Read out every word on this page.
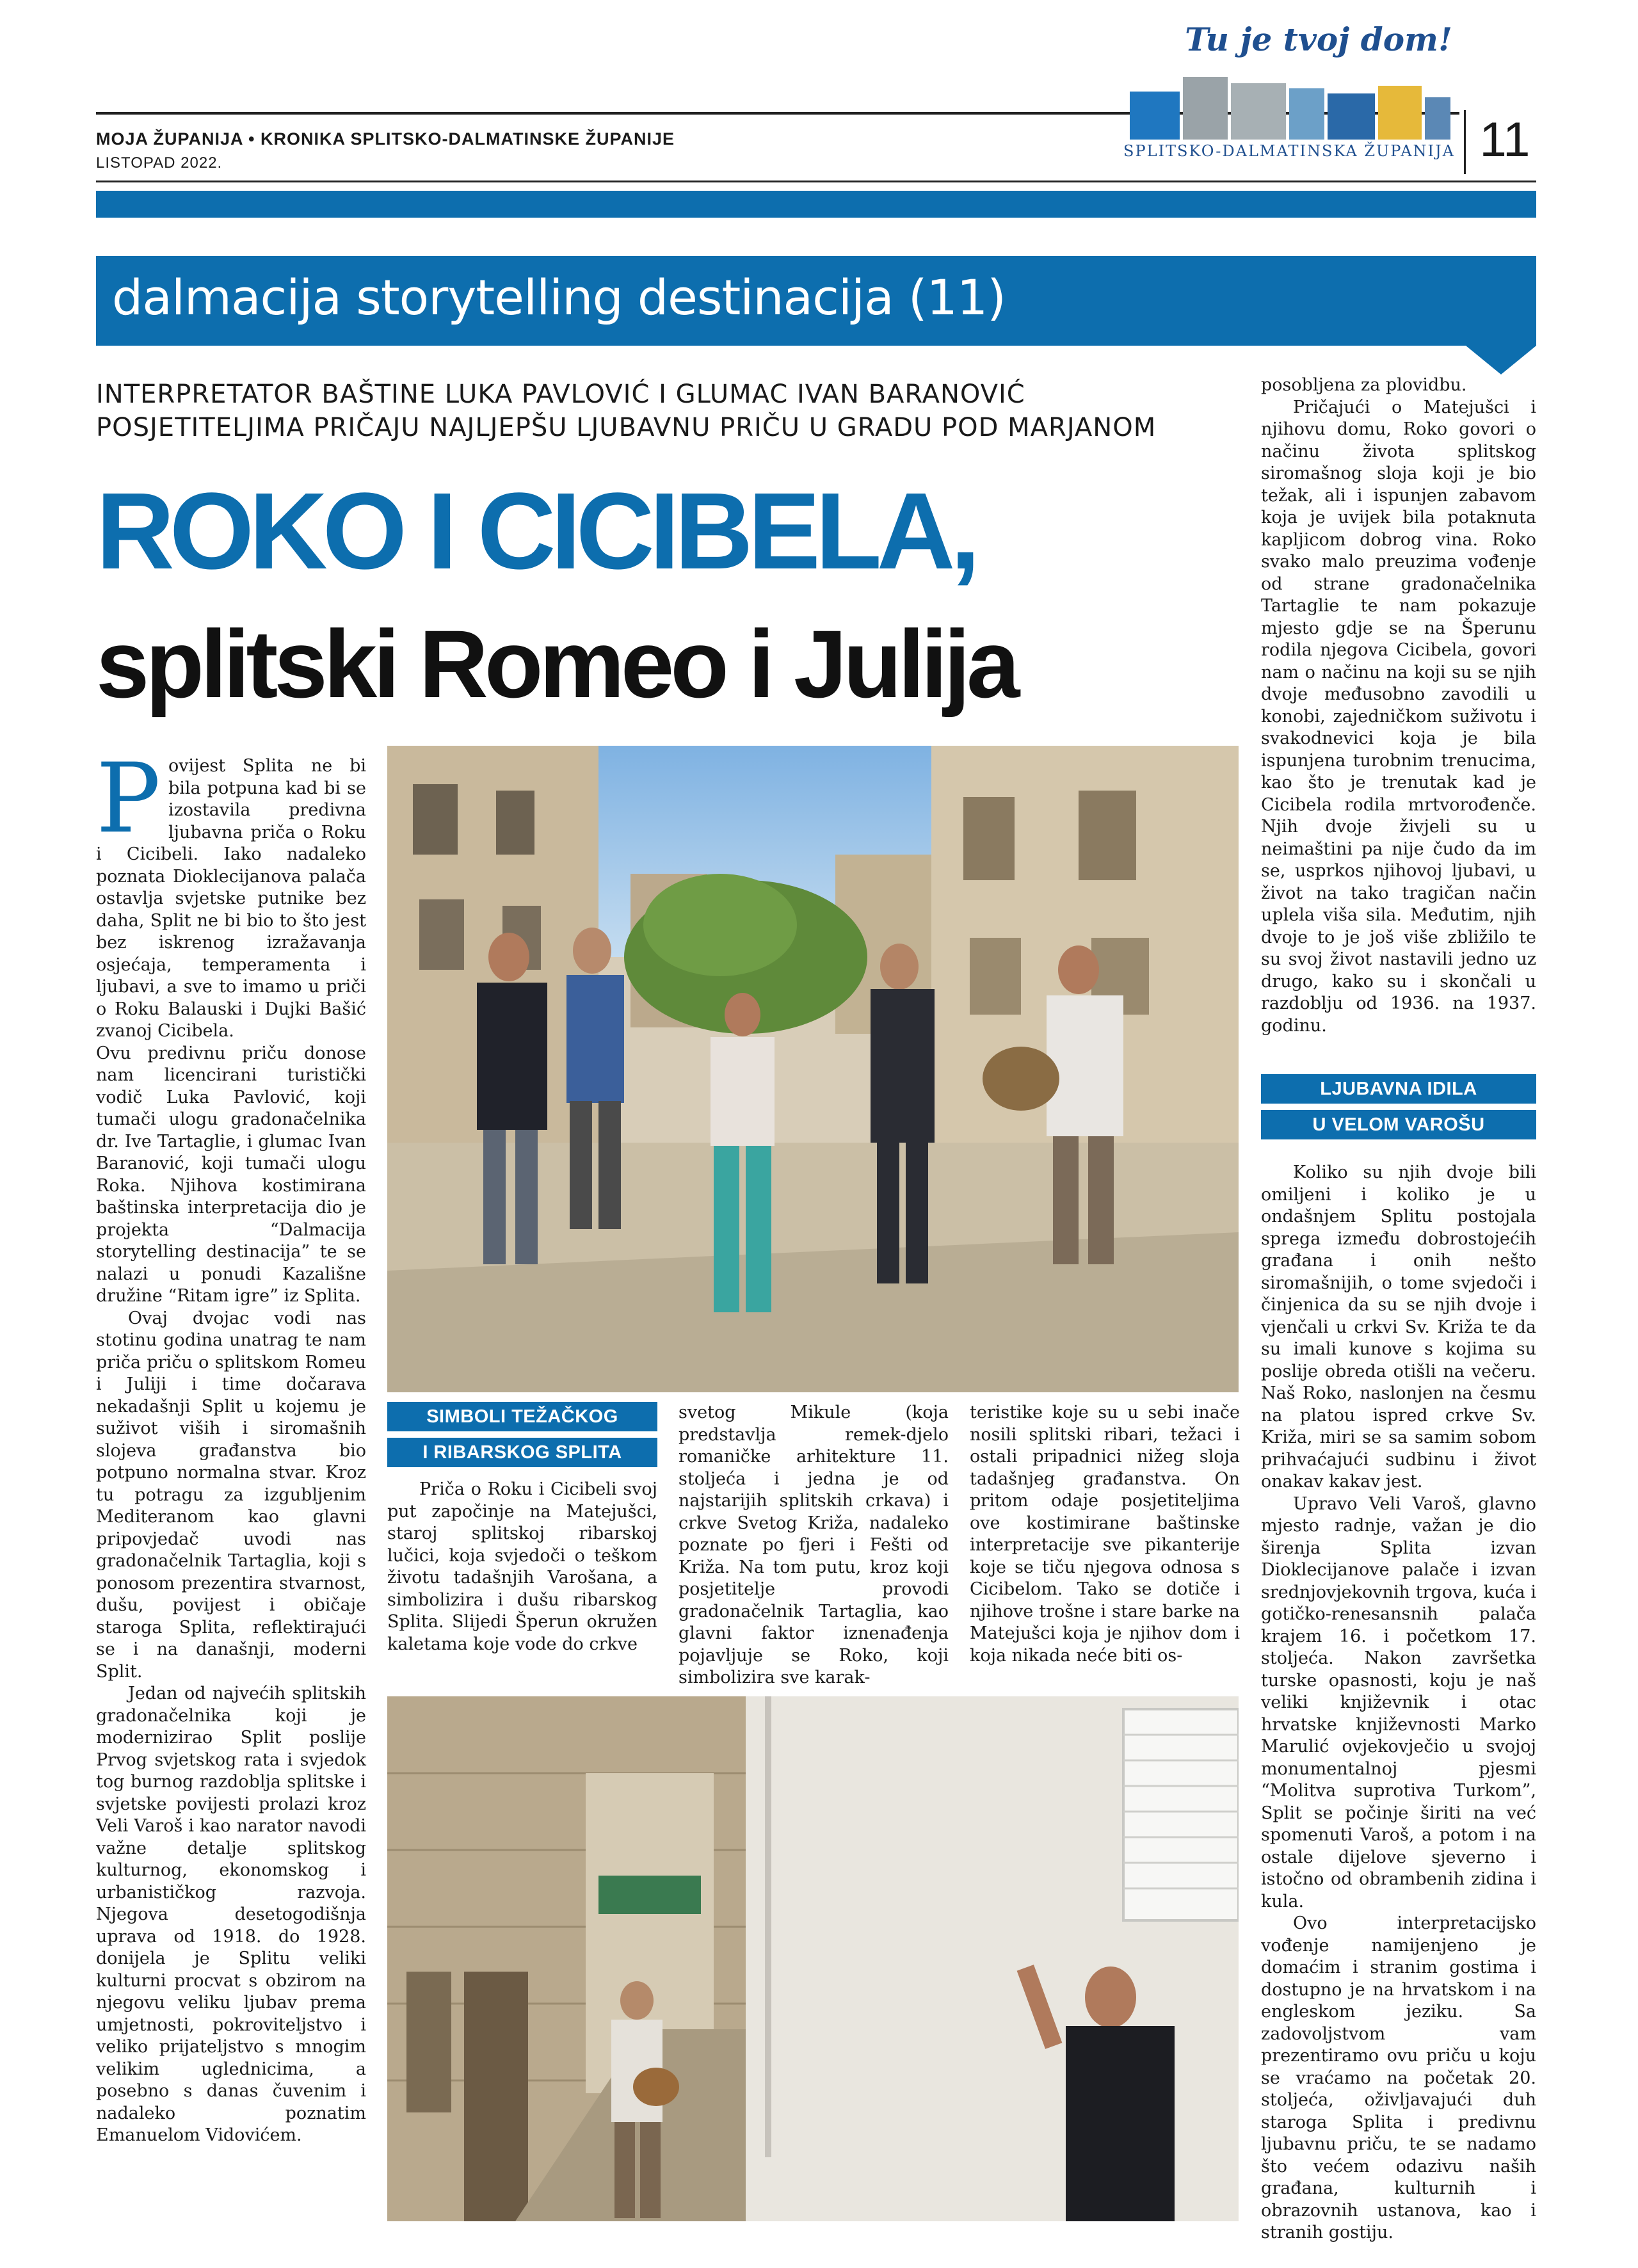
MOJA ŽUPANIJA • KRONIKA SPLITSKO-DALMATINSKE ŽUPANIJE
LISTOPAD 2022.
Tu je tvoj dom!
SPLITSKO-DALMATINSKA ŽUPANIJA 11
dalmacija storytelling destinacija (11)
INTERPRETATOR BAŠTINE LUKA PAVLOVIĆ I GLUMAC IVAN BARANOVIĆ POSJETITELJIMA PRIČAJU NAJLJEPŠU LJUBAVNU PRIČU U GRADU POD MARJANOM
ROKO I CICIBELA,
splitski Romeo i Julija

Povijest Splita ne bi bila potpuna kad bi se izostavila predivna ljubavna priča o Roku i Cicibeli. Iako nadaleko poznata Dioklecijanova palača ostavlja svjetske putnike bez daha, Split ne bi bio to što jest bez iskrenog izražavanja osjećaja, temperamenta i ljubavi, a sve to imamo u priči o Roku Balauski i Dujki Bašić zvanoj Cicibela.

Ovu predivnu priču donose nam licencirani turistički vodič Luka Pavlović, koji tumači ulogu gradonačelnika dr. Ive Tartaglie, i glumac Ivan Baranović, koji tumači ulogu Roka. Njihova kostimirana baštinska interpretacija dio je projekta “Dalmacija storytelling destinacija” te se nalazi u ponudi Kazališne družine “Ritam igre” iz Splita.

Ovaj dvojac vodi nas stotinu godina unatrag te nam priča priču o splitskom Romeu i Juliji i time dočarava nekadašnji Split u kojemu je suživot viših i siromašnih slojeva građanstva bio potpuno normalna stvar. Kroz tu potragu za izgubljenim Mediteranom kao glavni pripovjedač uvodi nas gradonačelnik Tartaglia, koji s ponosom prezentira stvarnost, dušu, povijest i običaje staroga Splita, reflektirajući se i na današnji, moderni Split.

Jedan od najvećih splitskih gradonačelnika koji je modernizirao Split poslije Prvog svjetskog rata i svjedok tog burnog razdoblja splitske i svjetske povijesti prolazi kroz Veli Varoš i kao narator navodi važne detalje splitskog kulturnog, ekonomskog i urbanističkog razvoja. Njegova desetogodišnja uprava od 1918. do 1928. donijela je Splitu veliki kulturni procvat s obzirom na njegovu veliku ljubav prema umjetnosti, pokroviteljstvo i veliko prijateljstvo s mnogim velikim uglednicima, a posebno s danas čuvenim i nadaleko poznatim Emanuelom Vidovićem.

SIMBOLI TEŽAČKOG
I RIBARSKOG SPLITA

Priča o Roku i Cicibeli svoj put započinje na Matejušci, staroj splitskoj ribarskoj lučici, koja svjedoči o teškom životu tadašnjih Varošana, a simbolizira i dušu ribarskog Splita. Slijedi Šperun okružen kaletama koje vode do crkve

svetog Mikule (koja predstavlja remek-djelo romaničke arhitekture 11. stoljeća i jedna je od najstarijih splitskih crkava) i crkve Svetog Križa, nadaleko poznate po fjeri i Fešti od Križa. Na tom putu, kroz koji posjetitelje provodi gradonačelnik Tartaglia, kao glavni faktor iznenađenja pojavljuje se Roko, koji simbolizira sve karak-

teristike koje su u sebi inače nosili splitski ribari, težaci i ostali pripadnici nižeg sloja tadašnjeg građanstva. On pritom odaje posjetiteljima ove kostimirane baštinske interpretacije sve pikanterije koje se tiču njegova odnosa s Cicibelom. Tako se dotiče i njihove trošne i stare barke na Matejušci koja je njihov dom i koja nikada neće biti os-

posobljena za plovidbu.

Pričajući o Matejušci i njihovu domu, Roko govori o načinu života splitskog siromašnog sloja koji je bio težak, ali i ispunjen zabavom koja je uvijek bila potaknuta kapljicom dobrog vina. Roko svako malo preuzima vođenje od strane gradonačelnika Tartaglie te nam pokazuje mjesto gdje se na Šperunu rodila njegova Cicibela, govori nam o načinu na koji su se njih dvoje međusobno zavodili u konobi, zajedničkom suživotu i svakodnevici koja je bila ispunjena turobnim trenucima, kao što je trenutak kad je Cicibela rodila mrtvorođenče. Njih dvoje živjeli su u neimaštini pa nije čudo da im se, usprkos njihovoj ljubavi, u život na tako tragičan način uplela viša sila. Međutim, njih dvoje to je još više zbližilo te su svoj život nastavili jedno uz drugo, kako su i skončali u razdoblju od 1936. na 1937. godinu.

LJUBAVNA IDILA
U VELOM VAROŠU

Koliko su njih dvoje bili omiljeni i koliko je u ondašnjem Splitu postojala sprega između dobrostojećih građana i onih nešto siromašnijih, o tome svjedoči i činjenica da su se njih dvoje i vjenčali u crkvi Sv. Križa te da su imali kunove s kojima su poslije obreda otišli na večeru. Naš Roko, naslonjen na česmu na platou ispred crkve Sv. Križa, miri se sa samim sobom prihvaćajući sudbinu i život onakav kakav jest.

Upravo Veli Varoš, glavno mjesto radnje, važan je dio širenja Splita izvan Dioklecijanove palače i izvan srednjovjekovnih trgova, kuća i gotičko-renesansnih palača krajem 16. i početkom 17. stoljeća. Nakon završetka turske opasnosti, koju je naš veliki književnik i otac hrvatske književnosti Marko Marulić ovjekovječio u svojoj monumentalnoj pjesmi “Molitva suprotiva Turkom”, Split se počinje širiti na već spomenuti Varoš, a potom i na ostale dijelove sjeverno i istočno od obrambenih zidina i kula.

Ovo interpretacijsko vođenje namijenjeno je domaćim i stranim gostima i dostupno je na hrvatskom i na engleskom jeziku. Sa zadovoljstvom vam prezentiramo ovu priču u koju se vraćamo na početak 20. stoljeća, oživljavajući duh staroga Splita i predivnu ljubavnu priču, te se nadamo što većem odazivu naših građana, kulturnih i obrazovnih ustanova, kao i stranih gostiju.
